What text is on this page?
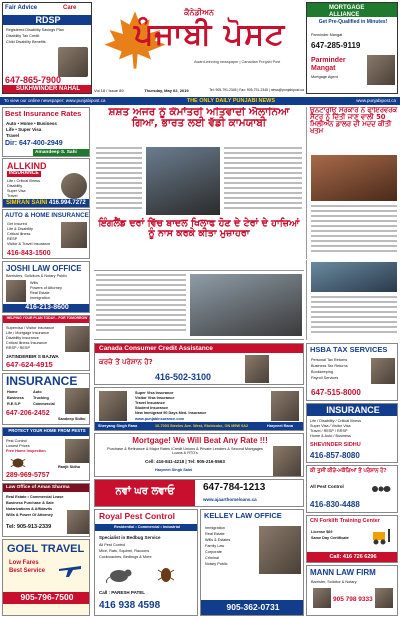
Fair Advice	Care
RDSP
Registered Disability Savings Plan
Disability Tax Credit
Child Disability Benefits
647-865-7900
SUKHWINDER NAHAL
ਕੈਨੇਡੀਅਨ
ਪੰਜਾਬੀ ਪੋਸਟ
Award-winning newspaper | Canadian Punjabi Post
MORTGAGE ALLIANCE
Get Pre-Qualified in Minutes!
Parminder Mangat
647-285-9119
Parminder Mangat
Mortgage Agent
Vol 18 / Issue 89	Thursday, May 02, 2019	Tel: 905-791-2345 | Fax: 905-791-2345 | news@punjabipost.ca
To view our online newspaper: www.punjabipost.ca	THE ONLY DAILY PUNJABI NEWS	www.punjabipost.ca
Best Insurance Rates
Auto • Home • Business
Life • Super Visa
Travel
Dir: 647-400-2949
Amandeep S. Sahi
ALLKIND
INSURANCE
Life • Critical Illness
Disability
Super Visa
Travel
SIMRAN SAINI 416.994.7272
AUTO & HOME INSURANCE
Get Insured
Life & Disability
Critical Illness
RESP
Visitor & Travel Insurance
416-843-1500
JOSHI LAW OFFICE
Barristers, Solicitors & Notary Public
Wills
Powers of Attorney
Real Estate
Immigration
416-213-8600
HELPING YOUR PLAN TODAY... FOR TOMORROW
Supervisa / Visitor Insurance
Life / Mortgage Insurance
Disability Insurance
Critical Illness Insurance
RRSP / RESP
JATINDERBIR S BAJWA
647-624-4915
INSURANCE
Home	Auto
Business Trucking
R.E.S.P	Commercial
647-206-2452
Sandeep Sidhu
PROTECT YOUR HOME FROM PESTS
Pest Control
Lowest Prices
Free Home Inspection
Ranjit Sidhu
289-969-5757
Law Office of Aman Sharma
Real Estate • Commercial Lease
Business Purchase & Sale
Notarizations & Affidavits
Wills & Power Of Attorney
Tel: 905-913-2339
GOEL TRAVEL
Low Fares
Best Service
905-796-7500
ਸ਼ਸ਼ਤ ਅਜਰ ਨੂੰ ਕੌਮਾਂਤਰੀ ਅਤਿਵਾਦੀ ਐਲਾਨਿਆ ਗਿਆ, ਭਾਰਤ ਲਈ ਵੱਡੀ ਕਾਮਯਾਬੀ
ਇੰਗਲੈਂਡ ਦਰਾਂ ਵਿੱਚ ਬਾਦਲ ਖਿਲਾਫ ਹੋਣ ਦੇ ਟੇਰਾਂ ਦੇ ਹਾਜ਼ਿਆਂ ਨੂੰ ਨਾਸ ਕਰਕੇ ਕੀਤਾ ਮੁਜ਼ਾਹਰਾ
ਓਨਟਾਰੀਓ ਸਰਕਾਰ ਨੇ ਫਾਇਰਵਰਕ ਸੈਂਟਰ ਨੂੰ ਦਿੱਤੀ ਜਾਣ ਵਾਲੀ 50 ਮਿਲੀਅਨ ਡਾਲਰ ਦੀ ਮਦਦ ਕੀਤੀ ਖਤਮ
Canada Consumer Credit Assistance
ਕਰਜ਼ੇ ਤੋਂ ਪਰੇਸ਼ਾਨ ਹੋ?
416-502-3100
Super Visa Insurance
Visitor Visa Insurance
Travel Insurance
Student Insurance
New Immigrant 90 Days Med. Insurance
www.punjabinsurance.com
Sheryang Singh Rana	10-7003 Steeles Ave. West, Etobicoke, ON M9W 0A2	Harpreet Rana
Mortgage! We Will Beat Any Rate !!!
Purchase & Refinance & Major Rates /Credit Unions & Private Lenders & Second Mortgages Loans & RTO's
Cell: 416-841-4218 | Tel: 905-216-5563
Harpreet Singh Saini
ਨਵਾਂ ਘਰ ਲਵਾਓ	647-784-1213
www.ajaarthomeloans.ca
Royal Pest Control
Residential • Commercial • Industrial
Specialist in Bedbug Service
All Pest Control
Mice, Rats, Squirrel, Racoons
Cockroaches, Bedbugs & More
Call : PARESH PATEL
416 938 4598
KELLEY LAW OFFICE
Immigration
Real Estate
Wills & Estates
Family Law
Corporate
Criminal
Notary Public
905-362-0731
HSBA TAX SERVICES
Personal Tax Returns
Business Tax Returns
Bookkeeping
Payroll Services
647-515-8000
INSURANCE
Life / Disability / Critical Illness
Super Visa / Visitor Visa
Travel / RESP / RRSP
Home & Auto / Business
SHEVINDER SIDHU
416-857-8080
ਕੀ ਤੁਸੀਂ ਕੀੜੇ-ਮਕੌੜਿਆਂ ਤੋਂ ਪਰੇਸ਼ਾਨ ਹੋ?
All Pest Control
416-830-4488
CN Forklift Training Center
License $69
Same Day Certificate
Call: 416 726 6296
MANN LAW FIRM
Barrister, Solicitor & Notary
905 798 9333
